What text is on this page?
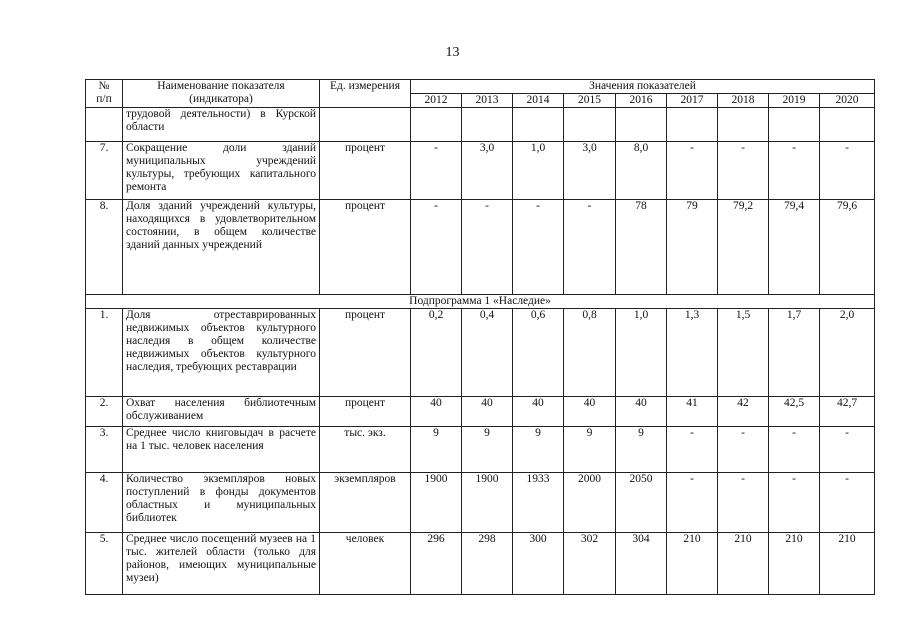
13
№
п/п	Наименование показателя (индикатора)	Ед. измерения	Значения показателей								
			2012	2013	2014	2015	2016	2017	2018	2019	2020
	трудовой деятельности) в Курской области										
7.	Сокращение доли зданий муниципальных учреждений культуры, требующих капитального ремонта	процент	-	3,0	1,0	3,0	8,0	-	-	-	-
8.	Доля зданий учреждений культуры, находящихся в удовлетворительном состоянии, в общем количестве зданий данных учреждений	процент	-	-	-	-	78	79	79,2	79,4	79,6
Подпрограмма 1 «Наследие»											
1.	Доля отреставрированных недвижимых объектов культурного наследия в общем количестве недвижимых объектов культурного наследия, требующих реставрации	процент	0,2	0,4	0,6	0,8	1,0	1,3	1,5	1,7	2,0
2.	Охват населения библиотечным обслуживанием	процент	40	40	40	40	40	41	42	42,5	42,7
3.	Среднее число книговыдач в расчете на 1 тыс. человек населения	тыс. экз.	9	9	9	9	9	-	-	-	-
4.	Количество экземпляров новых поступлений в фонды документов областных и муниципальных библиотек	экземпляров	1900	1900	1933	2000	2050	-	-	-	-
5.	Среднее число посещений музеев на 1 тыс. жителей области (только для районов, имеющих муниципальные музеи)	человек	296	298	300	302	304	210	210	210	210
